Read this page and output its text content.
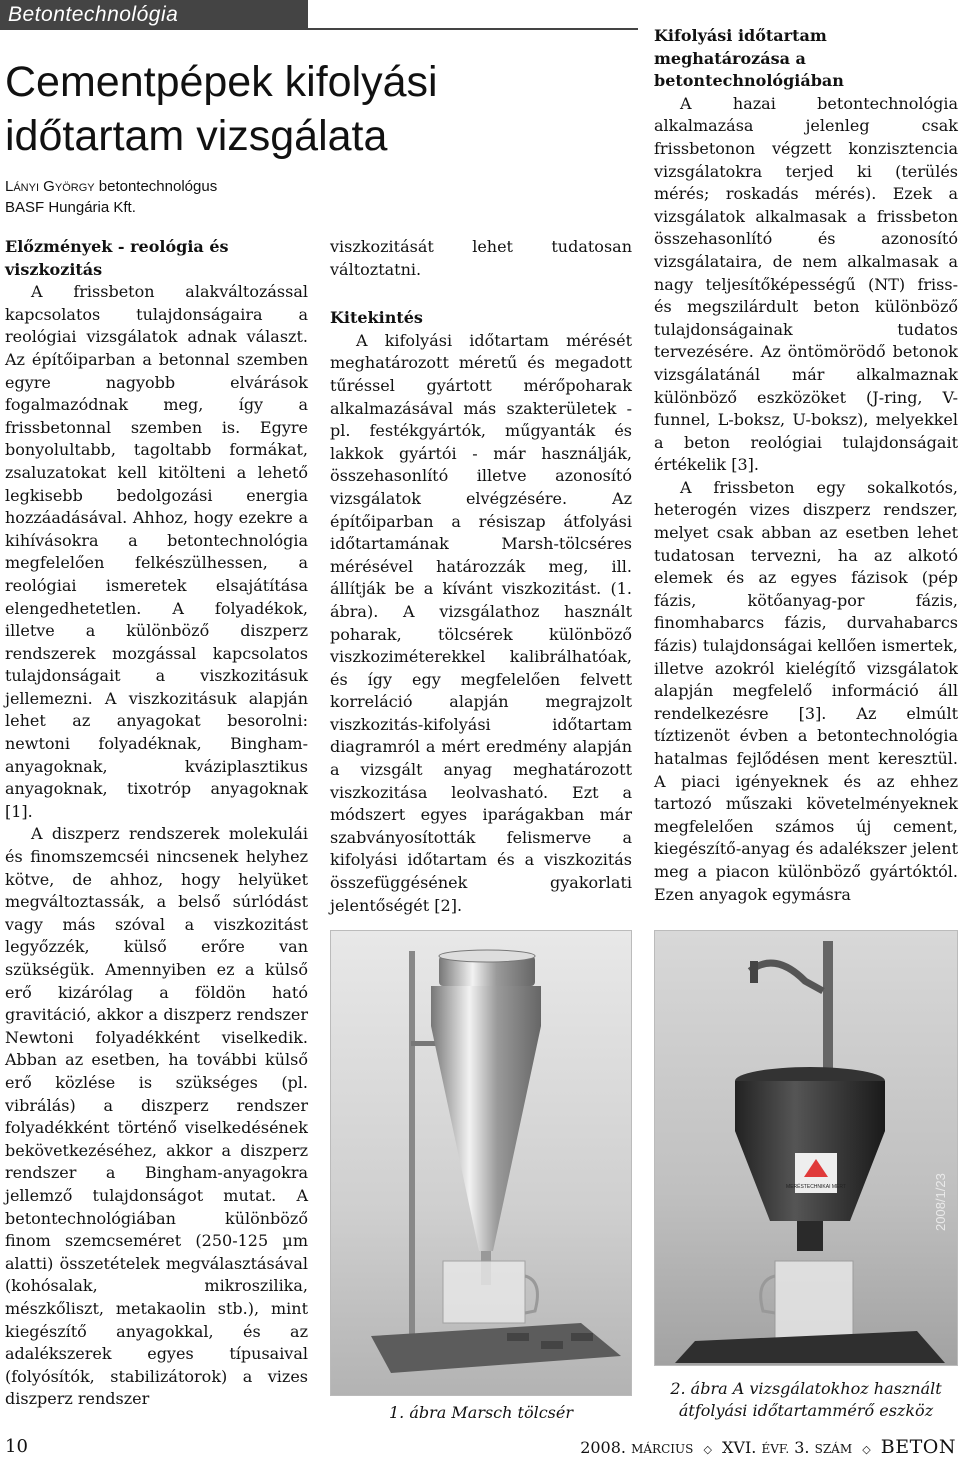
Betontechnológia
Cementpépek kifolyási időtartam vizsgálata
Lányi György betontechnológus
BASF Hungária Kft.
Előzmények - reológia és viszkozitás

A frissbeton alakváltozással kapcsolatos tulajdonságaira a reológiai vizsgálatok adnak választ. Az építőiparban a betonnal szemben egyre nagyobb elvárások fogalmazódnak meg, így a frissbetonnal szemben is. Egyre bonyolultabb, tagoltabb formákat, zsaluzatokat kell kitölteni a lehető legkisebb bedolgozási energia hozzáadásával. Ahhoz, hogy ezekre a kihívásokra a betontechnológia megfelelően felkészülhessen, a reológiai ismeretek elsajátítása elengedhetetlen. A folyadékok, illetve a különböző diszperz rendszerek mozgással kapcsolatos tulajdonságait a viszkozitásuk jellemezni. A viszkozitásuk alapján lehet az anyagokat besorolni: newtoni folyadéknak, Bingham-anyagoknak, kváziplasztikus anyagoknak, tixotróp anyagoknak [1].

A diszperz rendszerek molekulái és finomszemcséi nincsenek helyhez kötve, de ahhoz, hogy helyüket megváltoztassák, a belső súrlódást vagy más szóval a viszkozitást legyőzzék, külső erőre van szükségük. Amennyiben ez a külső erő kizárólag a földön ható gravitáció, akkor a diszperz rendszer Newtoni folyadékként viselkedik. Abban az esetben, ha további külső erő közlése is szükséges (pl. vibrálás) a diszperz rendszer folyadékként történő viselkedésének bekövetkezéséhez, akkor a diszperz rendszer a Bingham-anyagokra jellemző tulajdonságot mutat. A betontechnológiában különböző finom szemcseméret (250-125 µm alatti) összetételek megválasztásával (kohósalak, mikroszilika, mészkőliszt, metakaolin stb.), mint kiegészítő anyagokkal, és az adalékszerek egyes típusaival (folyósítók, stabilizátorok) a vizes diszperz rendszer

viszkozitását lehet tudatosan változtatni.

Kitekintés

A kifolyási időtartam mérését meghatározott méretű és megadott tűréssel gyártott mérőpoharak alkalmazásával más szakterületek - pl. festékgyártók, műgyanták és lakkok gyártói - már használják, összehasonlító illetve azonosító vizsgálatok elvégzésére. Az építőiparban a résiszap átfolyási időtartamának Marsh-tölcséres mérésével határozzák meg, ill. állítják be a kívánt viszkozitást. (1. ábra). A vizsgálathoz használt poharak, tölcsérek különböző viszkoziméterekkel kalibrálhatóak, és így egy megfelelően felvett korreláció alapján megrajzolt viszkozitás-kifolyási időtartam diagramról a mért eredmény alapján a vizsgált anyag meghatározott viszkozitása leolvasható. Ezt a módszert egyes iparágakban már szabványosították felismerve a kifolyási időtartam és a viszkozitás összefüggésének gyakorlati jelentőségét [2].

Kifolyási időtartam meghatározása a betontechnológiában

A hazai betontechnológia alkalmazása jelenleg csak frissbetonon végzett konzisztencia vizsgálatokra terjed ki (terülés mérés; roskadás mérés). Ezek a vizsgálatok alkalmasak a frissbeton összehasonlító és azonosító vizsgálataira, de nem alkalmasak a nagy teljesítőképességű (NT) friss- és megszilárdult beton különböző tulajdonságainak tudatos tervezésére. Az öntömörödő betonok vizsgálatánál már alkalmaznak különböző eszközöket (J-ring, V-funnel, L-boksz, U-boksz), melyekkel a beton reológiai tulajdonságait értékelik [3].

A frissbeton egy sokalkotós, heterogén vizes diszperz rendszer, melyet csak abban az esetben lehet tudatosan tervezni, ha az alkotó elemek és az egyes fázisok (pép fázis, kötőanyag-por fázis, finomhabarcs fázis, durvahabarcs fázis) tulajdonságai kellően ismertek, illetve azokról kielégítő vizsgálatok alapján megfelelő információ áll rendelkezésre [3]. Az elmúlt tíztizenöt évben a betontechnológia hatalmas fejlődésen ment keresztül. A piaci igényeknek és az ehhez tartozó műszaki követelményeknek megfelelően számos új cement, kiegészítő-anyag és adalékszer jelent meg a piacon különböző gyártóktól. Ezen anyagok egymásra

1. ábra Marsch tölcsér
MERÉSTECHNIKAI MÉRT	2008/1/23
2. ábra A vizsgálatokhoz használt átfolyási időtartammérő eszköz
10	2008. MÁRCIUS ◇ XVI. ÉVF. 3. SZÁM ◇ BETON
